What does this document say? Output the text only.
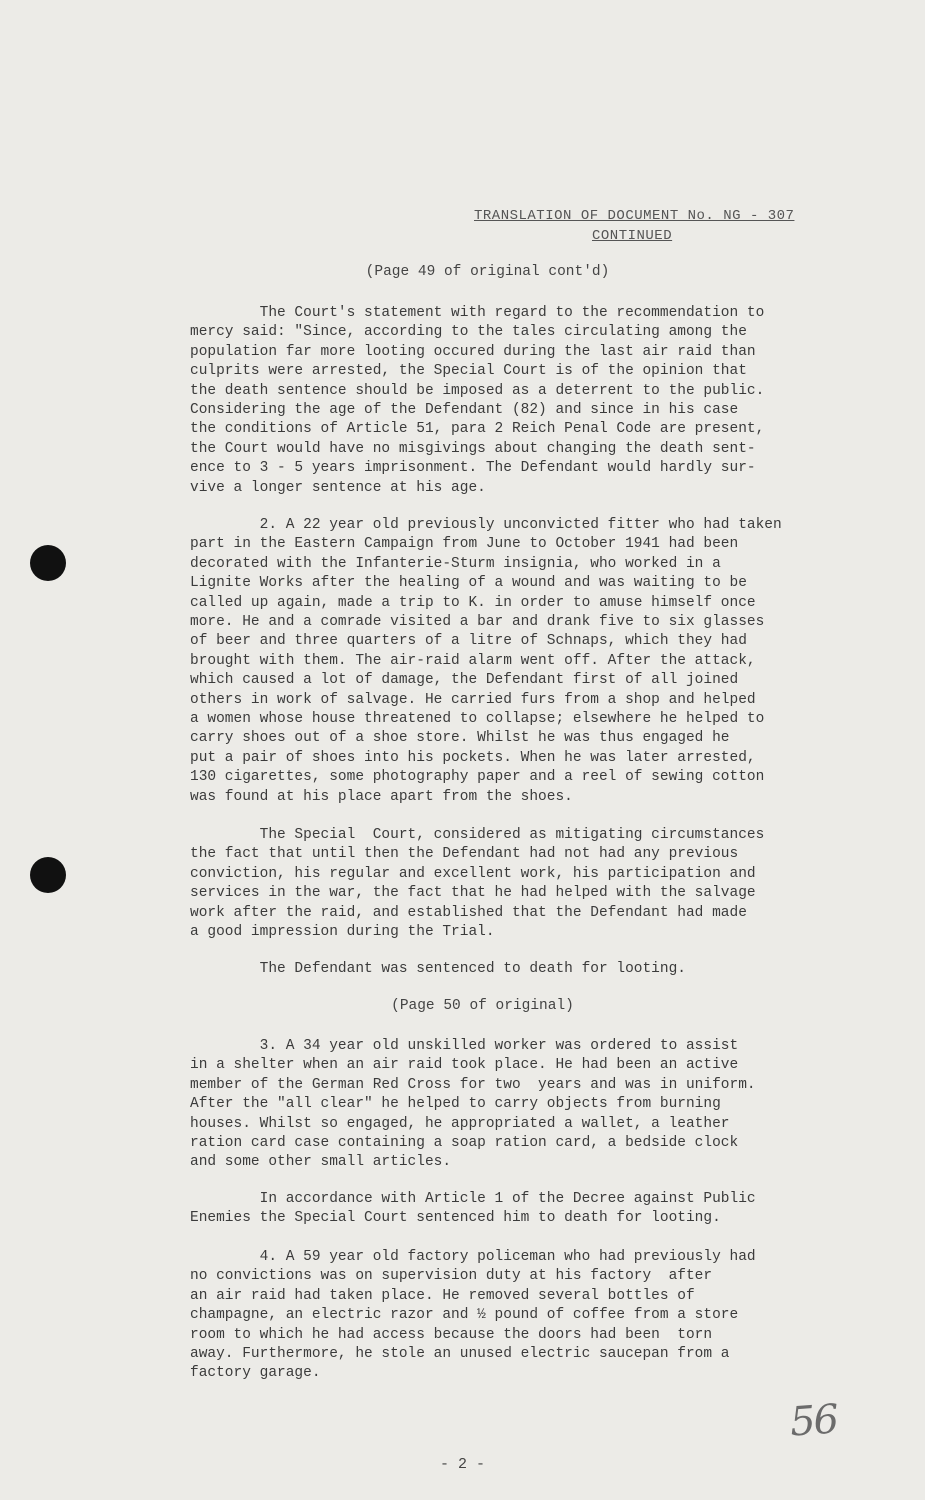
TRANSLATION OF DOCUMENT No. NG - 307
CONTINUED
(Page 49 of original cont'd)
The Court's statement with regard to the recommendation to
mercy said: "Since, according to the tales circulating among the
population far more looting occured during the last air raid than
culprits were arrested, the Special Court is of the opinion that
the death sentence should be imposed as a deterrent to the public.
Considering the age of the Defendant (82) and since in his case
the conditions of Article 51, para 2 Reich Penal Code are present,
the Court would have no misgivings about changing the death sent-
ence to 3 - 5 years imprisonment. The Defendant would hardly sur-
vive a longer sentence at his age.
2. A 22 year old previously unconvicted fitter who had taken
part in the Eastern Campaign from June to October 1941 had been
decorated with the Infanterie-Sturm insignia, who worked in a
Lignite Works after the healing of a wound and was waiting to be
called up again, made a trip to K. in order to amuse himself once
more. He and a comrade visited a bar and drank five to six glasses
of beer and three quarters of a litre of Schnaps, which they had
brought with them. The air-raid alarm went off. After the attack,
which caused a lot of damage, the Defendant first of all joined
others in work of salvage. He carried furs from a shop and helped
a women whose house threatened to collapse; elsewhere he helped to
carry shoes out of a shoe store. Whilst he was thus engaged he
put a pair of shoes into his pockets. When he was later arrested,
130 cigarettes, some photography paper and a reel of sewing cotton
was found at his place apart from the shoes.
The Special  Court, considered as mitigating circumstances
the fact that until then the Defendant had not had any previous
conviction, his regular and excellent work, his participation and
services in the war, the fact that he had helped with the salvage
work after the raid, and established that the Defendant had made
a good impression during the Trial.
The Defendant was sentenced to death for looting.
(Page 50 of original)
3. A 34 year old unskilled worker was ordered to assist
in a shelter when an air raid took place. He had been an active
member of the German Red Cross for two  years and was in uniform.
After the "all clear" he helped to carry objects from burning
houses. Whilst so engaged, he appropriated a wallet, a leather
ration card case containing a soap ration card, a bedside clock
and some other small articles.
In accordance with Article 1 of the Decree against Public
Enemies the Special Court sentenced him to death for looting.
4. A 59 year old factory policeman who had previously had
no convictions was on supervision duty at his factory  after
an air raid had taken place. He removed several bottles of
champagne, an electric razor and ½ pound of coffee from a store
room to which he had access because the doors had been  torn
away. Furthermore, he stole an unused electric saucepan from a
factory garage.
56
- 2 -
